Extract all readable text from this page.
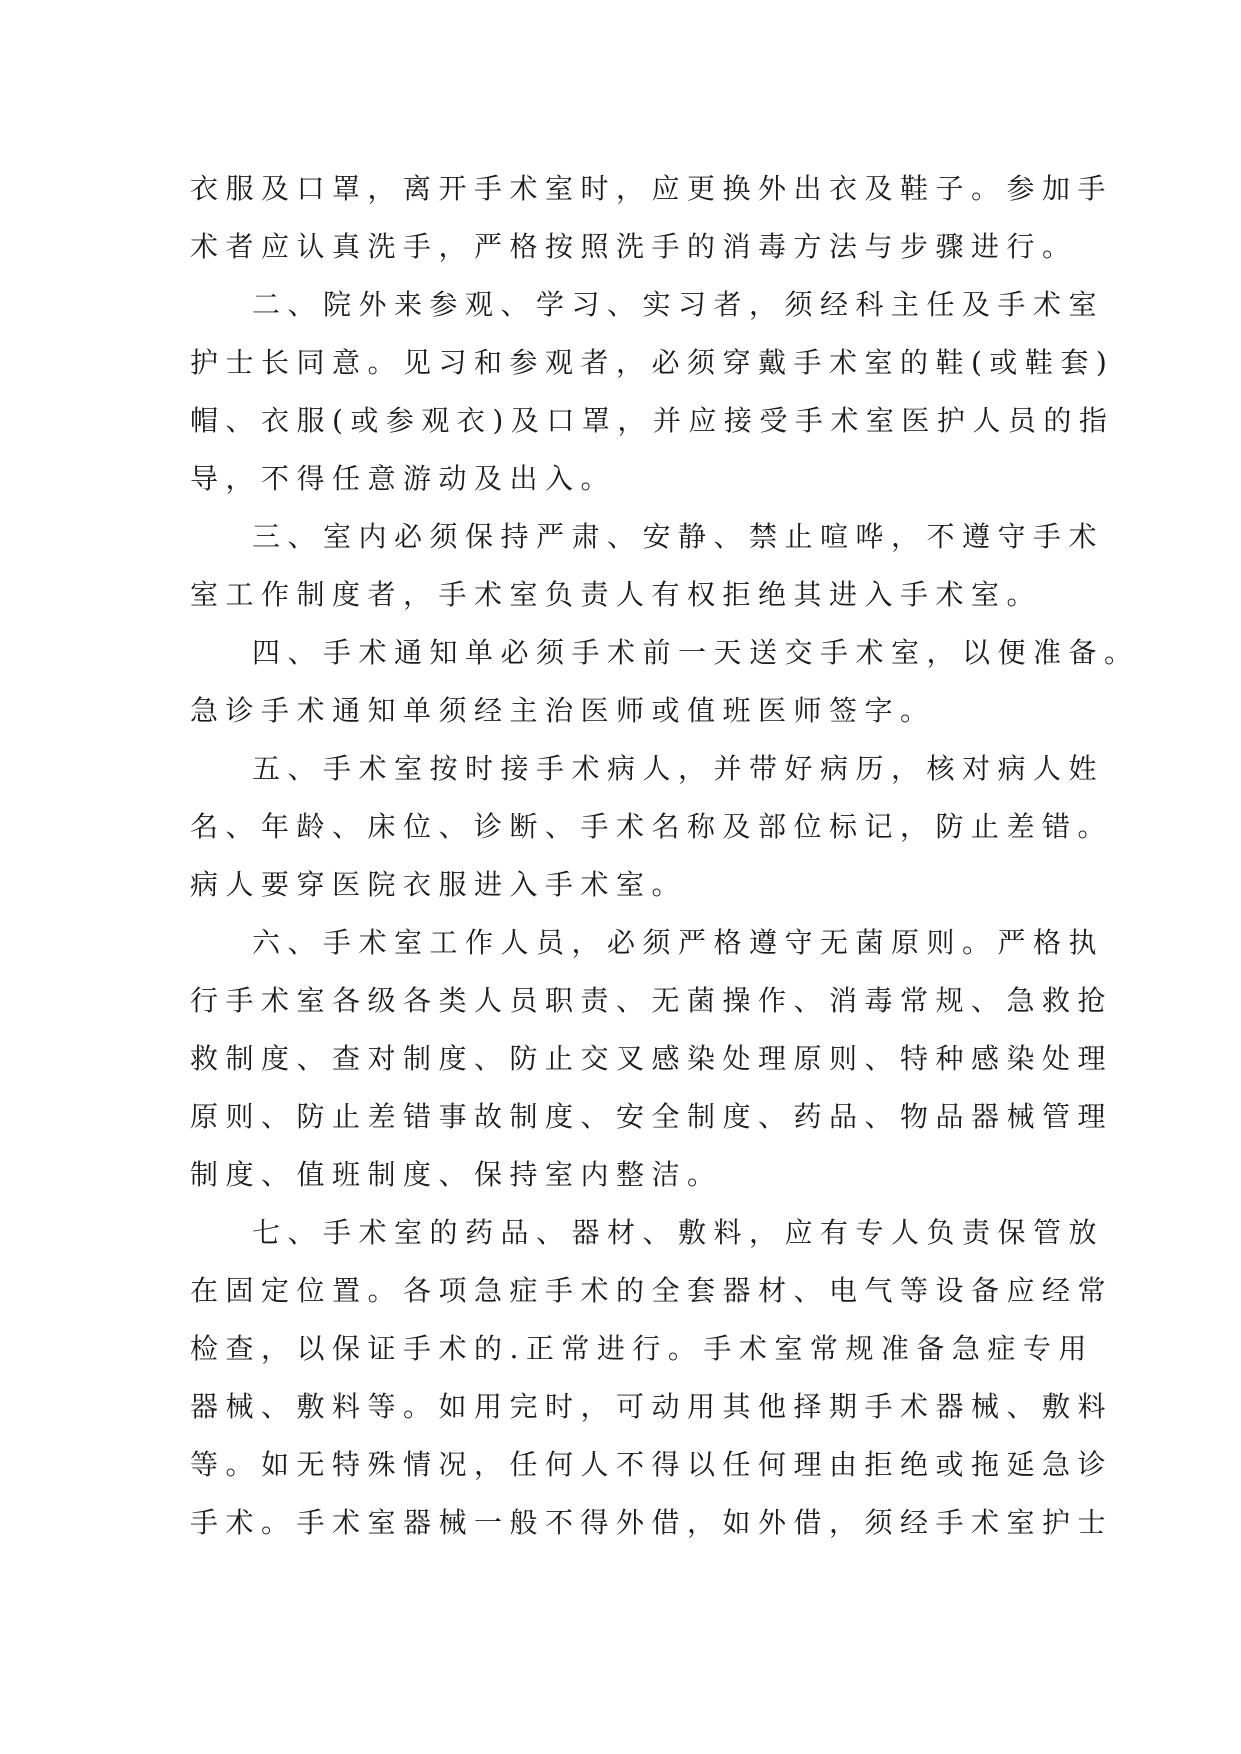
衣服及口罩，离开手术室时，应更换外出衣及鞋子。参加手
术者应认真洗手，严格按照洗手的消毒方法与步骤进行。
二、院外来参观、学习、实习者，须经科主任及手术室
护士长同意。见习和参观者，必须穿戴手术室的鞋(或鞋套)
帽、衣服(或参观衣)及口罩，并应接受手术室医护人员的指
导，不得任意游动及出入。
三、室内必须保持严肃、安静、禁止喧哗，不遵守手术
室工作制度者，手术室负责人有权拒绝其进入手术室。
四、手术通知单必须手术前一天送交手术室，以便准备。
急诊手术通知单须经主治医师或值班医师签字。
五、手术室按时接手术病人，并带好病历，核对病人姓
名、年龄、床位、诊断、手术名称及部位标记，防止差错。
病人要穿医院衣服进入手术室。
六、手术室工作人员，必须严格遵守无菌原则。严格执
行手术室各级各类人员职责、无菌操作、消毒常规、急救抢
救制度、查对制度、防止交叉感染处理原则、特种感染处理
原则、防止差错事故制度、安全制度、药品、物品器械管理
制度、值班制度、保持室内整洁。
七、手术室的药品、器材、敷料，应有专人负责保管放
在固定位置。各项急症手术的全套器材、电气等设备应经常
检查，以保证手术的.正常进行。手术室常规准备急症专用
器械、敷料等。如用完时，可动用其他择期手术器械、敷料
等。如无特殊情况，任何人不得以任何理由拒绝或拖延急诊
手术。手术室器械一般不得外借，如外借，须经手术室护士
